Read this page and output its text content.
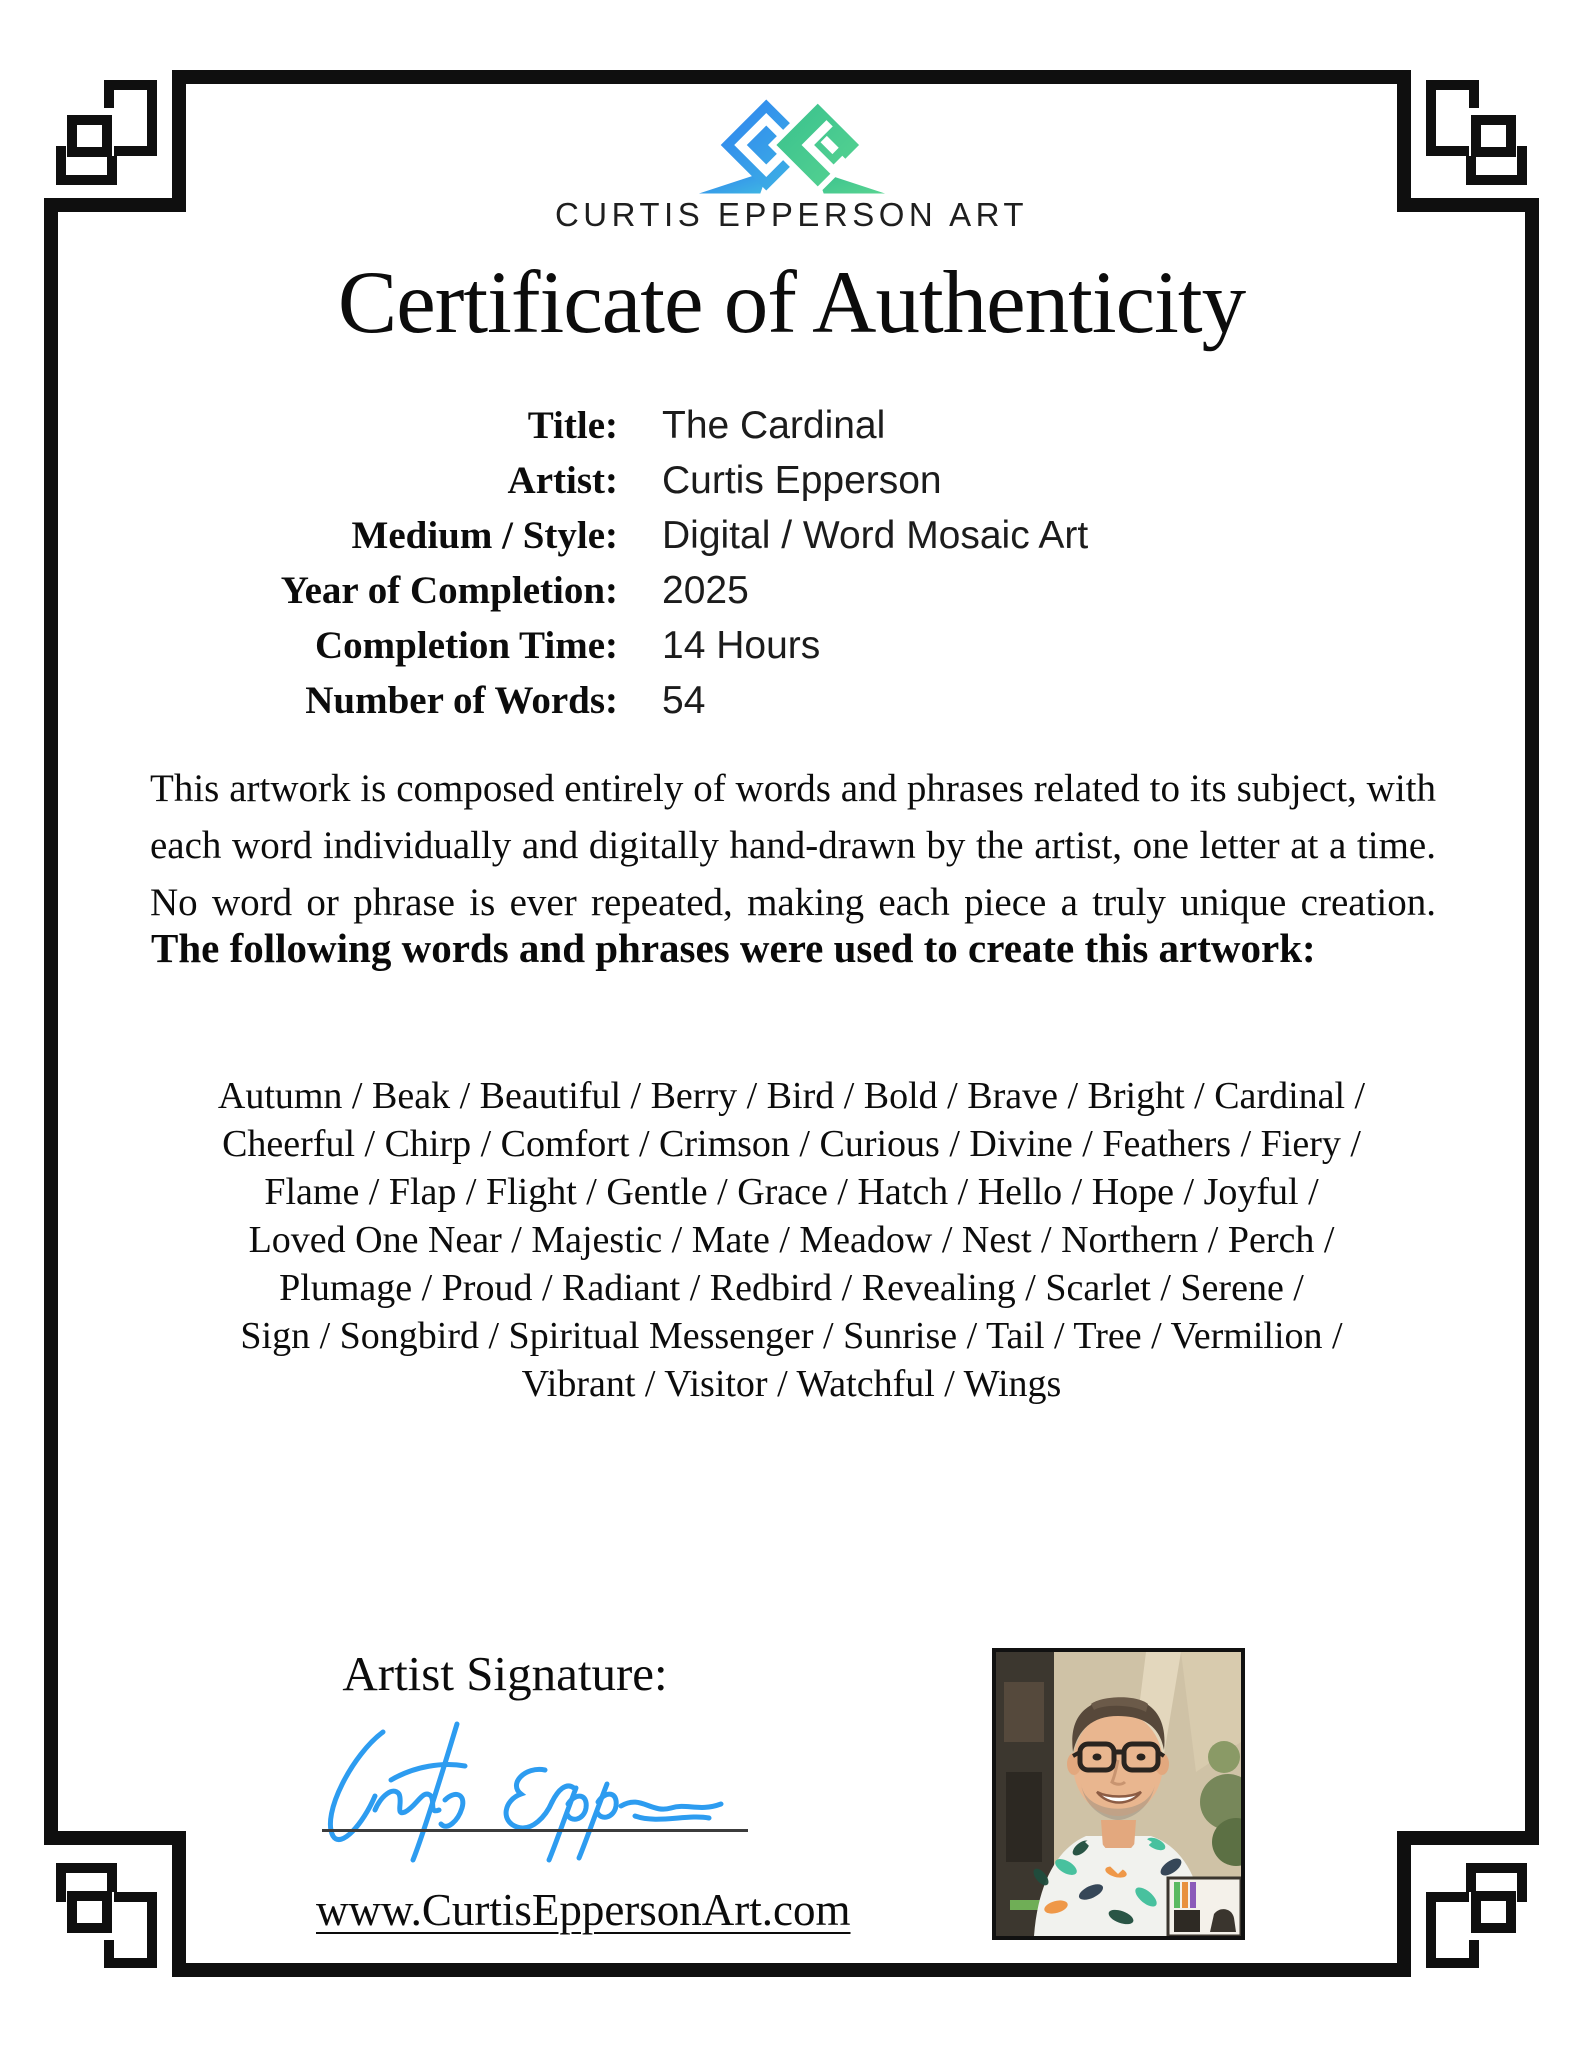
CURTIS EPPERSON ART
Certificate of Authenticity
Title: The Cardinal
Artist: Curtis Epperson
Medium / Style: Digital / Word Mosaic Art
Year of Completion: 2025
Completion Time: 14 Hours
Number of Words: 54
This artwork is composed entirely of words and phrases related to its subject, with
each word individually and digitally hand-drawn by the artist, one letter at a time.
No word or phrase is ever repeated, making each piece a truly unique creation.
The following words and phrases were used to create this artwork:
Autumn / Beak / Beautiful / Berry / Bird / Bold / Brave / Bright / Cardinal /
Cheerful / Chirp / Comfort / Crimson / Curious / Divine / Feathers / Fiery /
Flame / Flap / Flight / Gentle / Grace / Hatch / Hello / Hope / Joyful /
Loved One Near / Majestic / Mate / Meadow / Nest / Northern / Perch /
Plumage / Proud / Radiant / Redbird / Revealing / Scarlet / Serene /
Sign / Songbird / Spiritual Messenger / Sunrise / Tail / Tree / Vermilion /
Vibrant / Visitor / Watchful / Wings
Artist Signature:
www.CurtisEppersonArt.com
